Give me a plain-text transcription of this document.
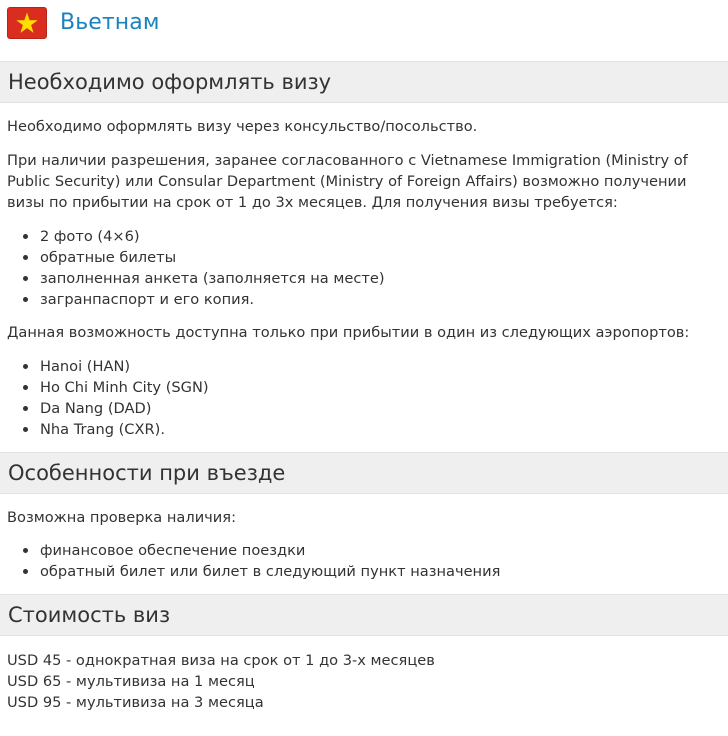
Вьетнам
Необходимо оформлять визу

Необходимо оформлять визу через консульство/посольство.

При наличии разрешения, заранее согласованного с Vietnamese Immigration (Ministry of Public Security) или Consular Department (Ministry of Foreign Affairs) возможно получении визы по прибытии на срок от 1 до 3х месяцев. Для получения визы требуется:

2 фото (4×6)
обратные билеты
заполненная анкета (заполняется на месте)
загранпаспорт и его копия.

Данная возможность доступна только при прибытии в один из следующих аэропортов:

Hanoi (HAN)
Ho Chi Minh City (SGN)
Da Nang (DAD)
Nha Trang (CXR).
Особенности при въезде

Возможна проверка наличия:

финансовое обеспечение поездки
обратный билет или билет в следующий пункт назначения
Стоимость виз

USD 45 - однократная виза на срок от 1 до 3-х месяцев

USD 65 - мультивиза на 1 месяц

USD 95 - мультивиза на 3 месяца
